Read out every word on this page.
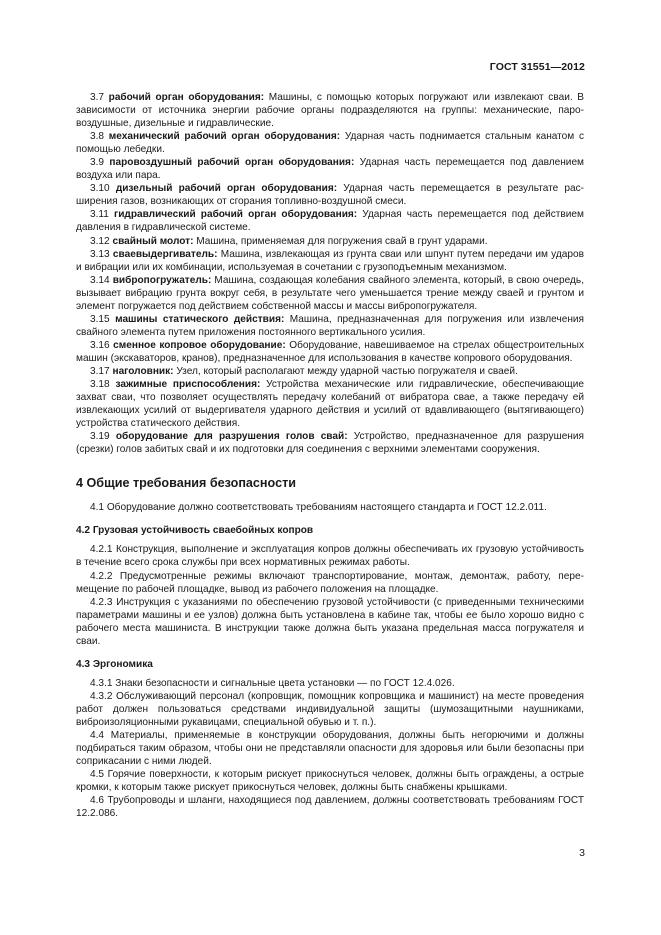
ГОСТ 31551—2012

3.7 рабочий орган оборудования: Машины, с помощью которых погружают или извлекают сваи. В зависимости от источника энергии рабочие органы подразделяются на группы: механические, паровоздушные, дизельные и гидравлические.

3.8 механический рабочий орган оборудования: Ударная часть поднимается стальным канатом с помощью лебедки.

3.9 паровоздушный рабочий орган оборудования: Ударная часть перемещается под давлением воздуха или пара.

3.10 дизельный рабочий орган оборудования: Ударная часть перемещается в результате расширения газов, возникающих от сгорания топливно-воздушной смеси.

3.11 гидравлический рабочий орган оборудования: Ударная часть перемещается под действием давления в гидравлической системе.

3.12 свайный молот: Машина, применяемая для погружения свай в грунт ударами.

3.13 сваевыдергиватель: Машина, извлекающая из грунта сваи или шпунт путем передачи им ударов и вибрации или их комбинации, используемая в сочетании с грузоподъемным механизмом.

3.14 вибропогружатель: Машина, создающая колебания свайного элемента, который, в свою очередь, вызывает вибрацию грунта вокруг себя, в результате чего уменьшается трение между сваей и грунтом и элемент погружается под действием собственной массы и массы вибропогружателя.

3.15 машины статического действия: Машина, предназначенная для погружения или извлечения свайного элемента путем приложения постоянного вертикального усилия.

3.16 сменное копровое оборудование: Оборудование, навешиваемое на стрелах общестроительных машин (экскаваторов, кранов), предназначенное для использования в качестве копрового оборудования.

3.17 наголовник: Узел, который располагают между ударной частью погружателя и сваей.

3.18 зажимные приспособления: Устройства механические или гидравлические, обеспечивающие захват сваи, что позволяет осуществлять передачу колебаний от вибратора свае, а также передачу ей извлекающих усилий от выдергивателя ударного действия и усилий от вдавливающего (вытягивающего) устройства статического действия.

3.19 оборудование для разрушения голов свай: Устройство, предназначенное для разрушения (срезки) голов забитых свай и их подготовки для соединения с верхними элементами сооружения.

4 Общие требования безопасности

4.1 Оборудование должно соответствовать требованиям настоящего стандарта и ГОСТ 12.2.011.

4.2 Грузовая устойчивость сваебойных копров

4.2.1 Конструкция, выполнение и эксплуатация копров должны обеспечивать их грузовую устойчивость в течение всего срока службы при всех нормативных режимах работы.

4.2.2 Предусмотренные режимы включают транспортирование, монтаж, демонтаж, работу, перемещение по рабочей площадке, вывод из рабочего положения на площадке.

4.2.3 Инструкция с указаниями по обеспечению грузовой устойчивости (с приведенными техническими параметрами машины и ее узлов) должна быть установлена в кабине так, чтобы ее было хорошо видно с рабочего места машиниста. В инструкции также должна быть указана предельная масса погружателя и сваи.

4.3 Эргономика

4.3.1 Знаки безопасности и сигнальные цвета установки — по ГОСТ 12.4.026.

4.3.2 Обслуживающий персонал (копровщик, помощник копровщика и машинист) на месте проведения работ должен пользоваться средствами индивидуальной защиты (шумозащитными наушниками, виброизоляционными рукавицами, специальной обувью и т. п.).

4.4 Материалы, применяемые в конструкции оборудования, должны быть негорючими и должны подбираться таким образом, чтобы они не представляли опасности для здоровья или были безопасны при соприкасании с ними людей.

4.5 Горячие поверхности, к которым рискует прикоснуться человек, должны быть ограждены, а острые кромки, к которым также рискует прикоснуться человек, должны быть снабжены крышками.

4.6 Трубопроводы и шланги, находящиеся под давлением, должны соответствовать требованиям ГОСТ 12.2.086.

3
